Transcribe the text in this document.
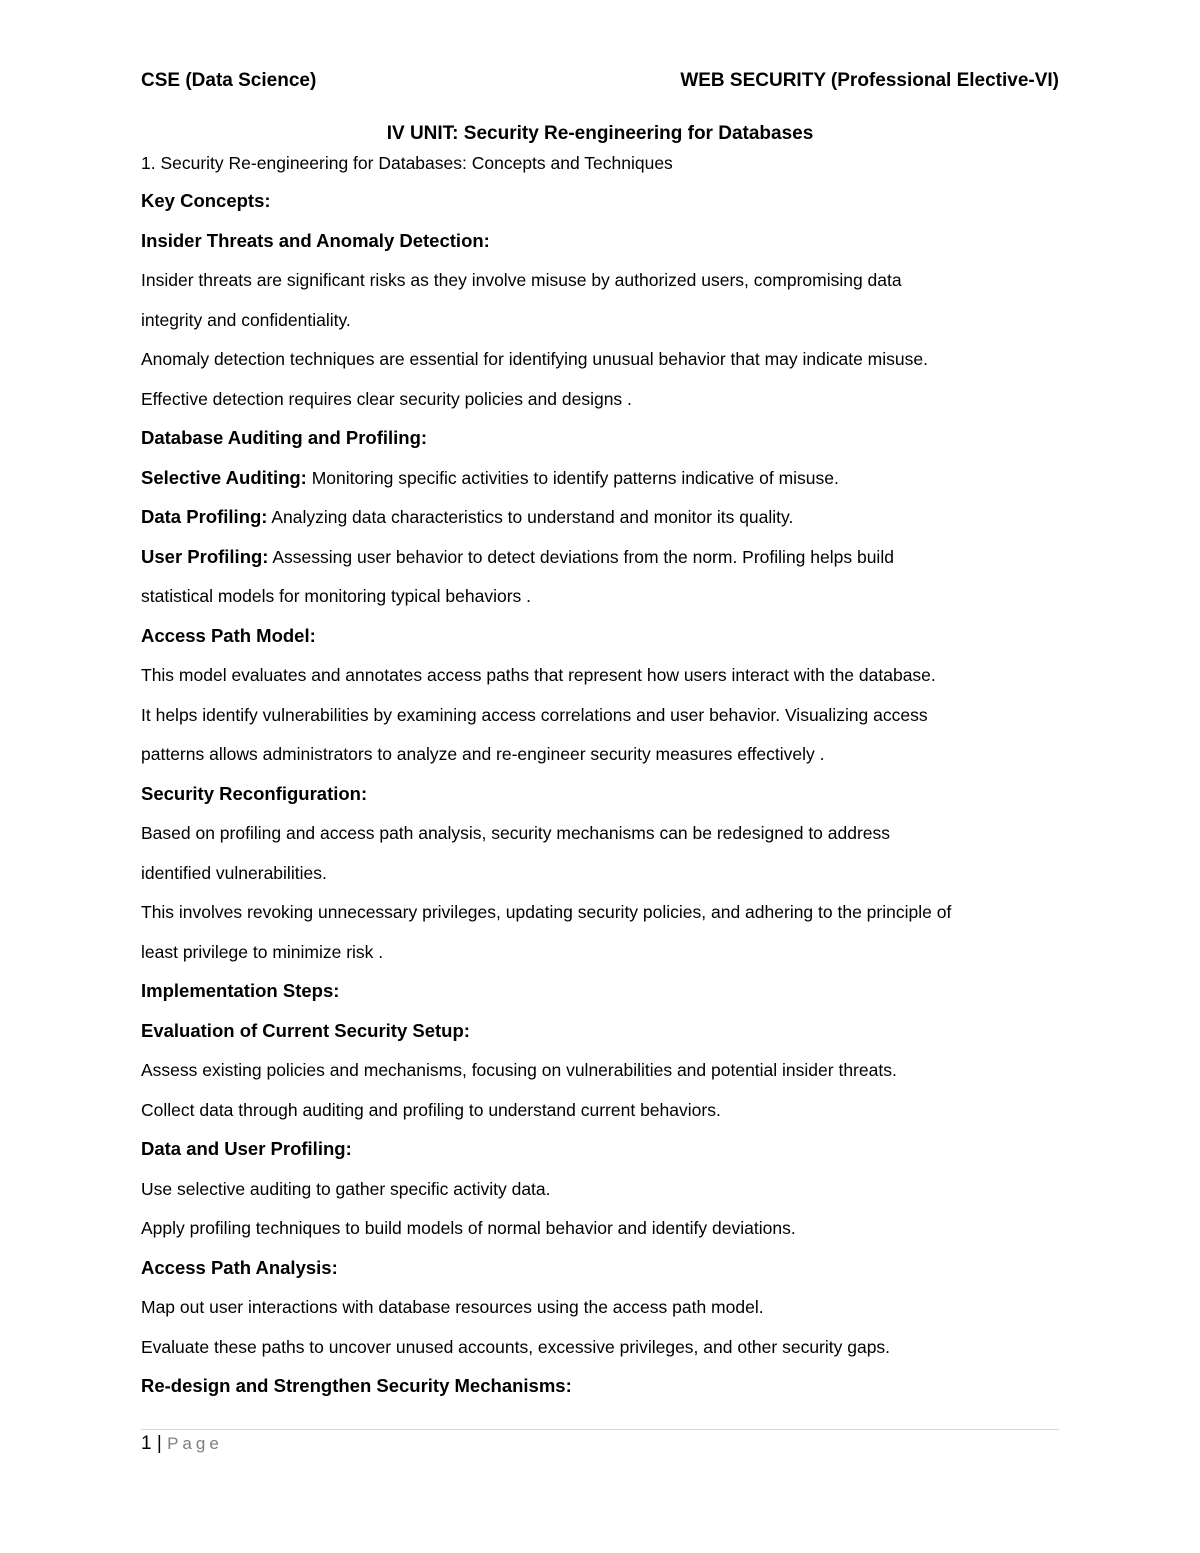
CSE (Data Science)	WEB SECURITY (Professional Elective-VI)
IV UNIT: Security Re-engineering for Databases
1. Security Re-engineering for Databases: Concepts and Techniques
Key Concepts:
Insider Threats and Anomaly Detection:
Insider threats are significant risks as they involve misuse by authorized users, compromising data
integrity and confidentiality.
Anomaly detection techniques are essential for identifying unusual behavior that may indicate misuse.
Effective detection requires clear security policies and designs .
Database Auditing and Profiling:
Selective Auditing: Monitoring specific activities to identify patterns indicative of misuse.
Data Profiling: Analyzing data characteristics to understand and monitor its quality.
User Profiling: Assessing user behavior to detect deviations from the norm. Profiling helps build
statistical models for monitoring typical behaviors .
Access Path Model:
This model evaluates and annotates access paths that represent how users interact with the database.
It helps identify vulnerabilities by examining access correlations and user behavior. Visualizing access
patterns allows administrators to analyze and re-engineer security measures effectively .
Security Reconfiguration:
Based on profiling and access path analysis, security mechanisms can be redesigned to address
identified vulnerabilities.
This involves revoking unnecessary privileges, updating security policies, and adhering to the principle of
least privilege to minimize risk .
Implementation Steps:
Evaluation of Current Security Setup:
Assess existing policies and mechanisms, focusing on vulnerabilities and potential insider threats.
Collect data through auditing and profiling to understand current behaviors.
Data and User Profiling:
Use selective auditing to gather specific activity data.
Apply profiling techniques to build models of normal behavior and identify deviations.
Access Path Analysis:
Map out user interactions with database resources using the access path model.
Evaluate these paths to uncover unused accounts, excessive privileges, and other security gaps.
Re-design and Strengthen Security Mechanisms:
1 | Page
